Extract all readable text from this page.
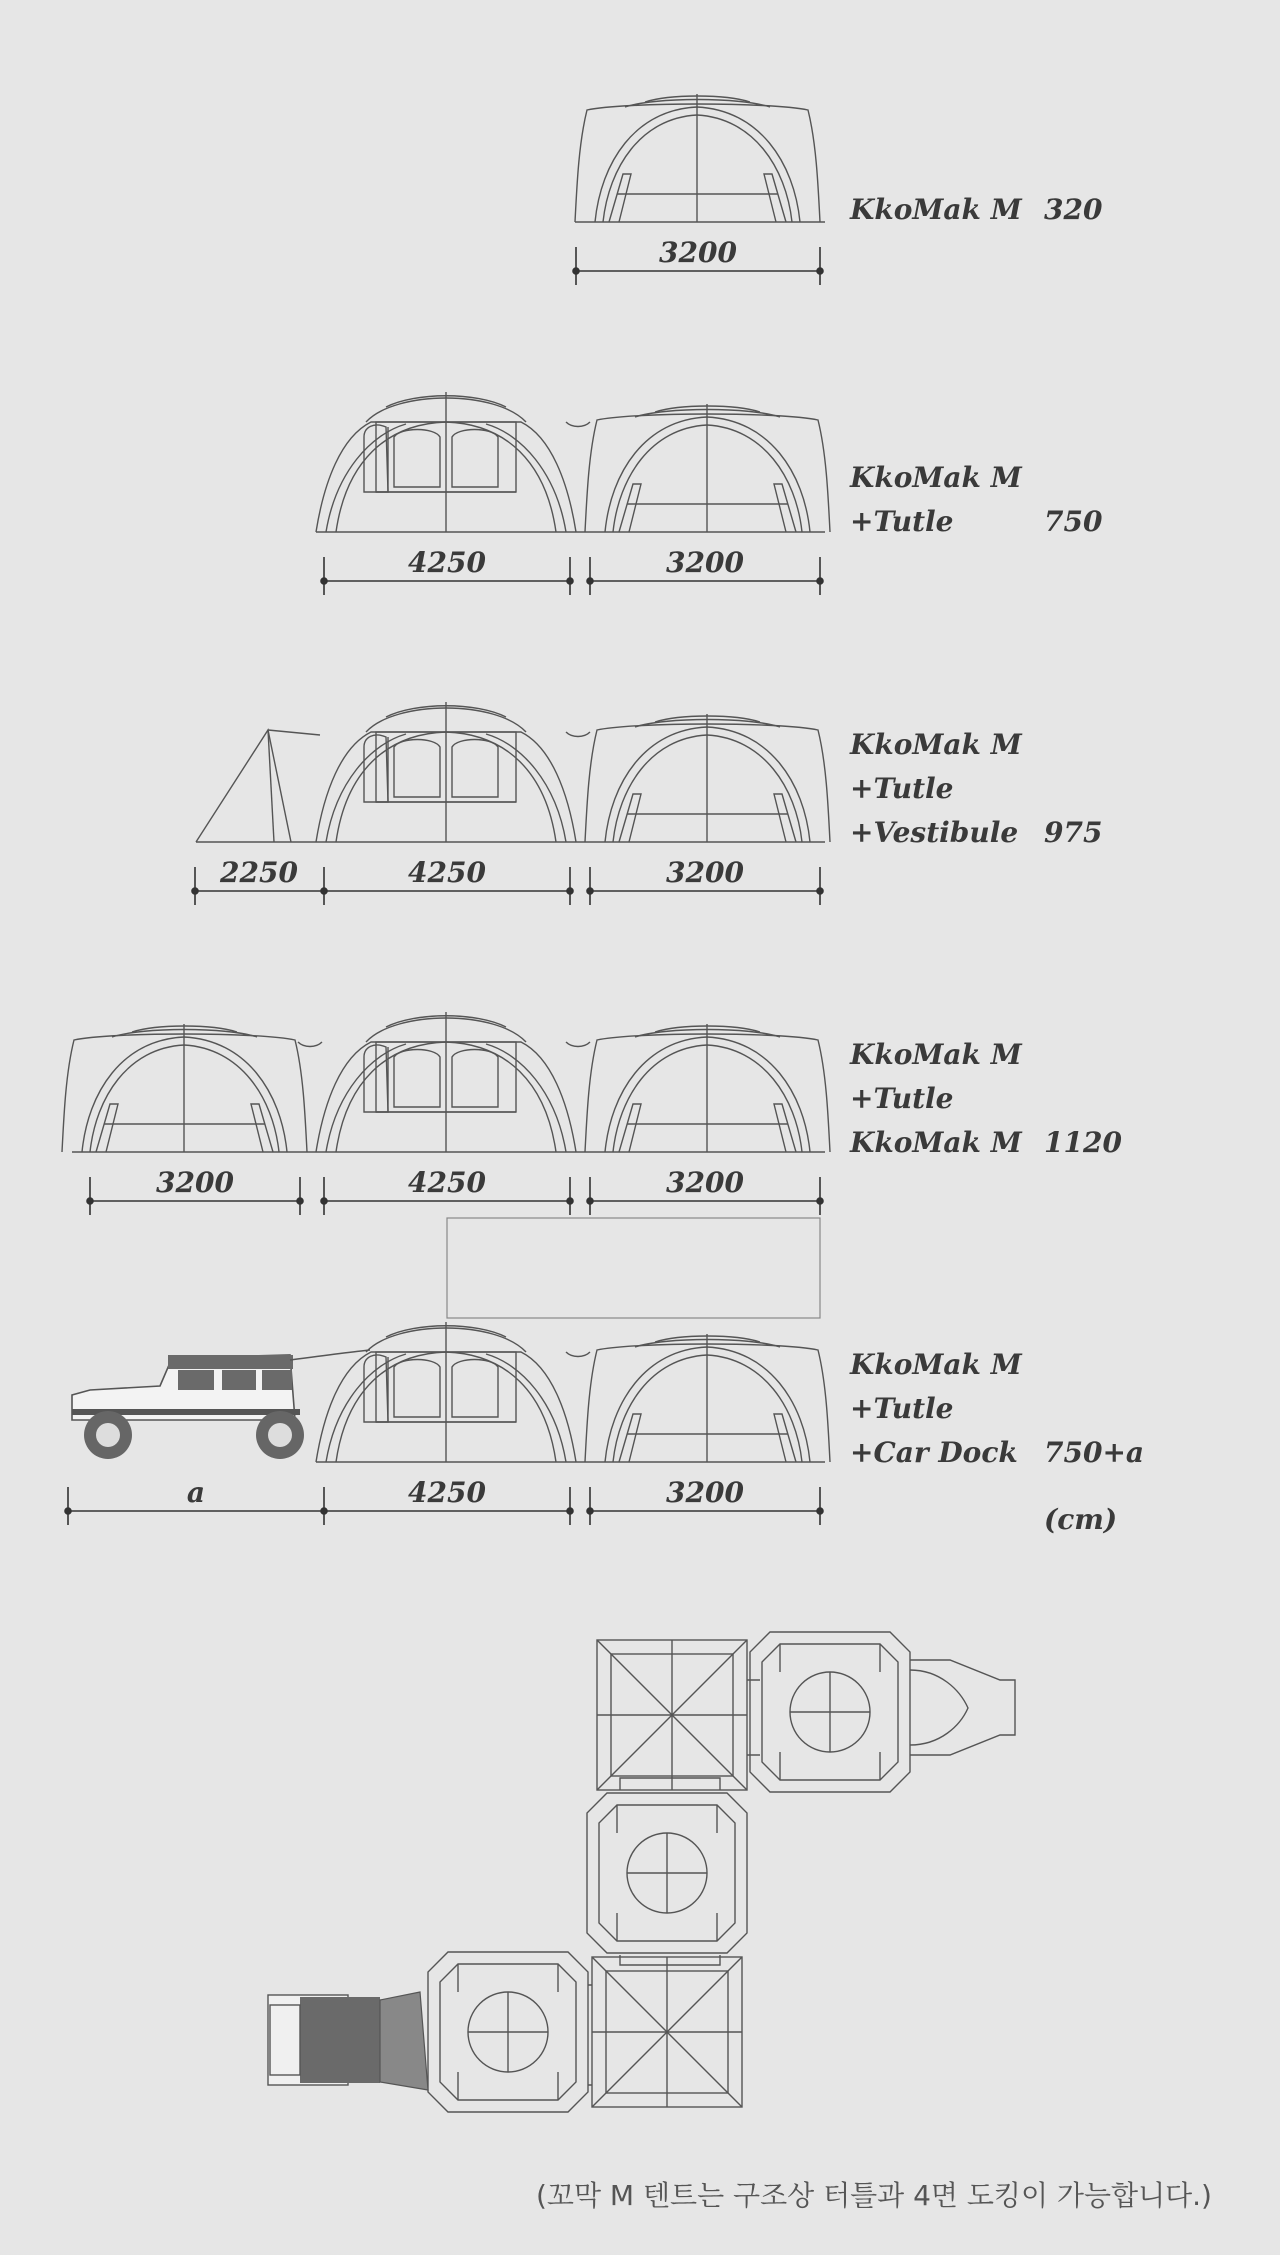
3200
4250	3200
2250	4250	3200
3200	4250	3200
a	4250	3200
KkoMak M 320
KkoMak M
+Tutle	750
KkoMak M
+Tutle
+Vestibule 975
KkoMak M
+Tutle
KkoMak M 1120
KkoMak M
+Tutle
+Car Dock 750+a
(cm)
(꼬막 M 텐트는 구조상 터틀과 4면 도킹이 가능합니다.)
